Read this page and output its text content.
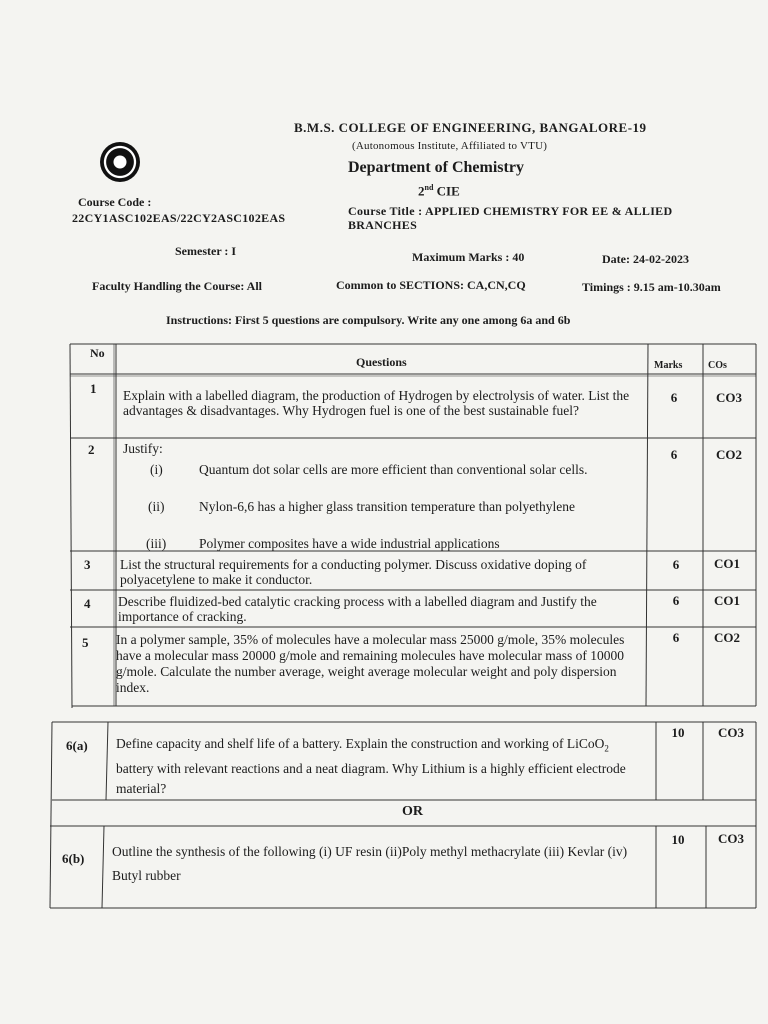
B.M.S. COLLEGE OF ENGINEERING, BANGALORE-19
(Autonomous Institute, Affiliated to VTU)
Department of Chemistry
2nd CIE
Course Code :
22CY1ASC102EAS/22CY2ASC102EAS	Course Title : APPLIED CHEMISTRY FOR EE & ALLIED BRANCHES
Semester : I	Maximum Marks : 40	Date: 24-02-2023
Faculty Handling the Course: All	Common to SECTIONS: CA,CN,CQ	Timings : 9.15 am-10.30am
Instructions: First 5 questions are compulsory. Write any one among 6a and 6b
No
Questions	Marks	COs
1 Explain with a labelled diagram, the production of Hydrogen by electrolysis of water. List the advantages & disadvantages. Why Hydrogen fuel is one of the best sustainable fuel?
6	CO3
2 Justify:	6	CO2
(i)	Quantum dot solar cells are more efficient than conventional solar cells.
(ii)	Nylon-6,6 has a higher glass transition temperature than polyethylene
(iii) Polymer composites have a wide industrial applications
3 List the structural requirements for a conducting polymer. Discuss oxidative doping of polyacetylene to make it conductor.
6	CO1
4 Describe fluidized-bed catalytic cracking process with a labelled diagram and Justify the importance of cracking.
6	CO1
5 In a polymer sample, 35% of molecules have a molecular mass 25000 g/mole, 35% molecules have a molecular mass 20000 g/mole and remaining molecules have molecular mass of 10000 g/mole. Calculate the number average, weight average molecular weight and poly dispersion index.
6	CO2
6(a) Define capacity and shelf life of a battery. Explain the construction and working of LiCoO$_2$ battery with relevant reactions and a neat diagram. Why Lithium is a highly efficient electrode material?
10	CO3
OR
6(b) Outline the synthesis of the following (i) UF resin (ii)Poly methyl methacrylate (iii) Kevlar (iv) Butyl rubber
10	CO3
